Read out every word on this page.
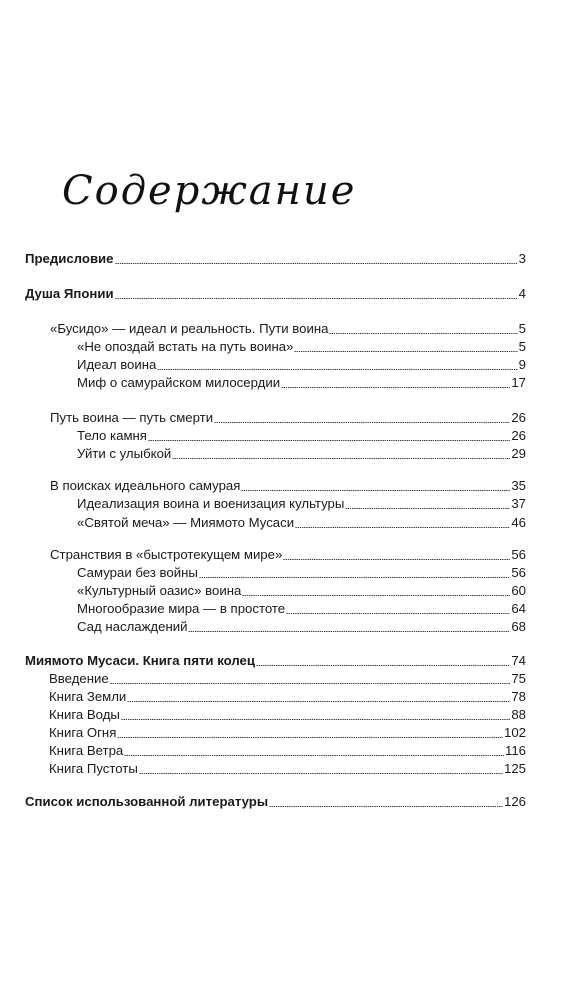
Содержание
Предисловие	3
Душа Японии	4
«Бусидо» — идеал и реальность. Пути воина	5
«Не опоздай встать на путь воина»	5
Идеал воина	9
Миф о самурайском милосердии	17
Путь воина — путь смерти	26
Тело камня	26
Уйти с улыбкой	29
В поисках идеального самурая	35
Идеализация воина и военизация культуры	37
«Святой меча» — Миямото Мусаси	46
Странствия в «быстротекущем мире»	56
Самураи без войны	56
«Культурный оазис» воина	60
Многообразие мира — в простоте	64
Сад наслаждений	68
Миямото Мусаси. Книга пяти колец	74
Введение	75
Книга Земли	78
Книга Воды	88
Книга Огня	102
Книга Ветра	116
Книга Пустоты	125
Список использованной литературы	126
